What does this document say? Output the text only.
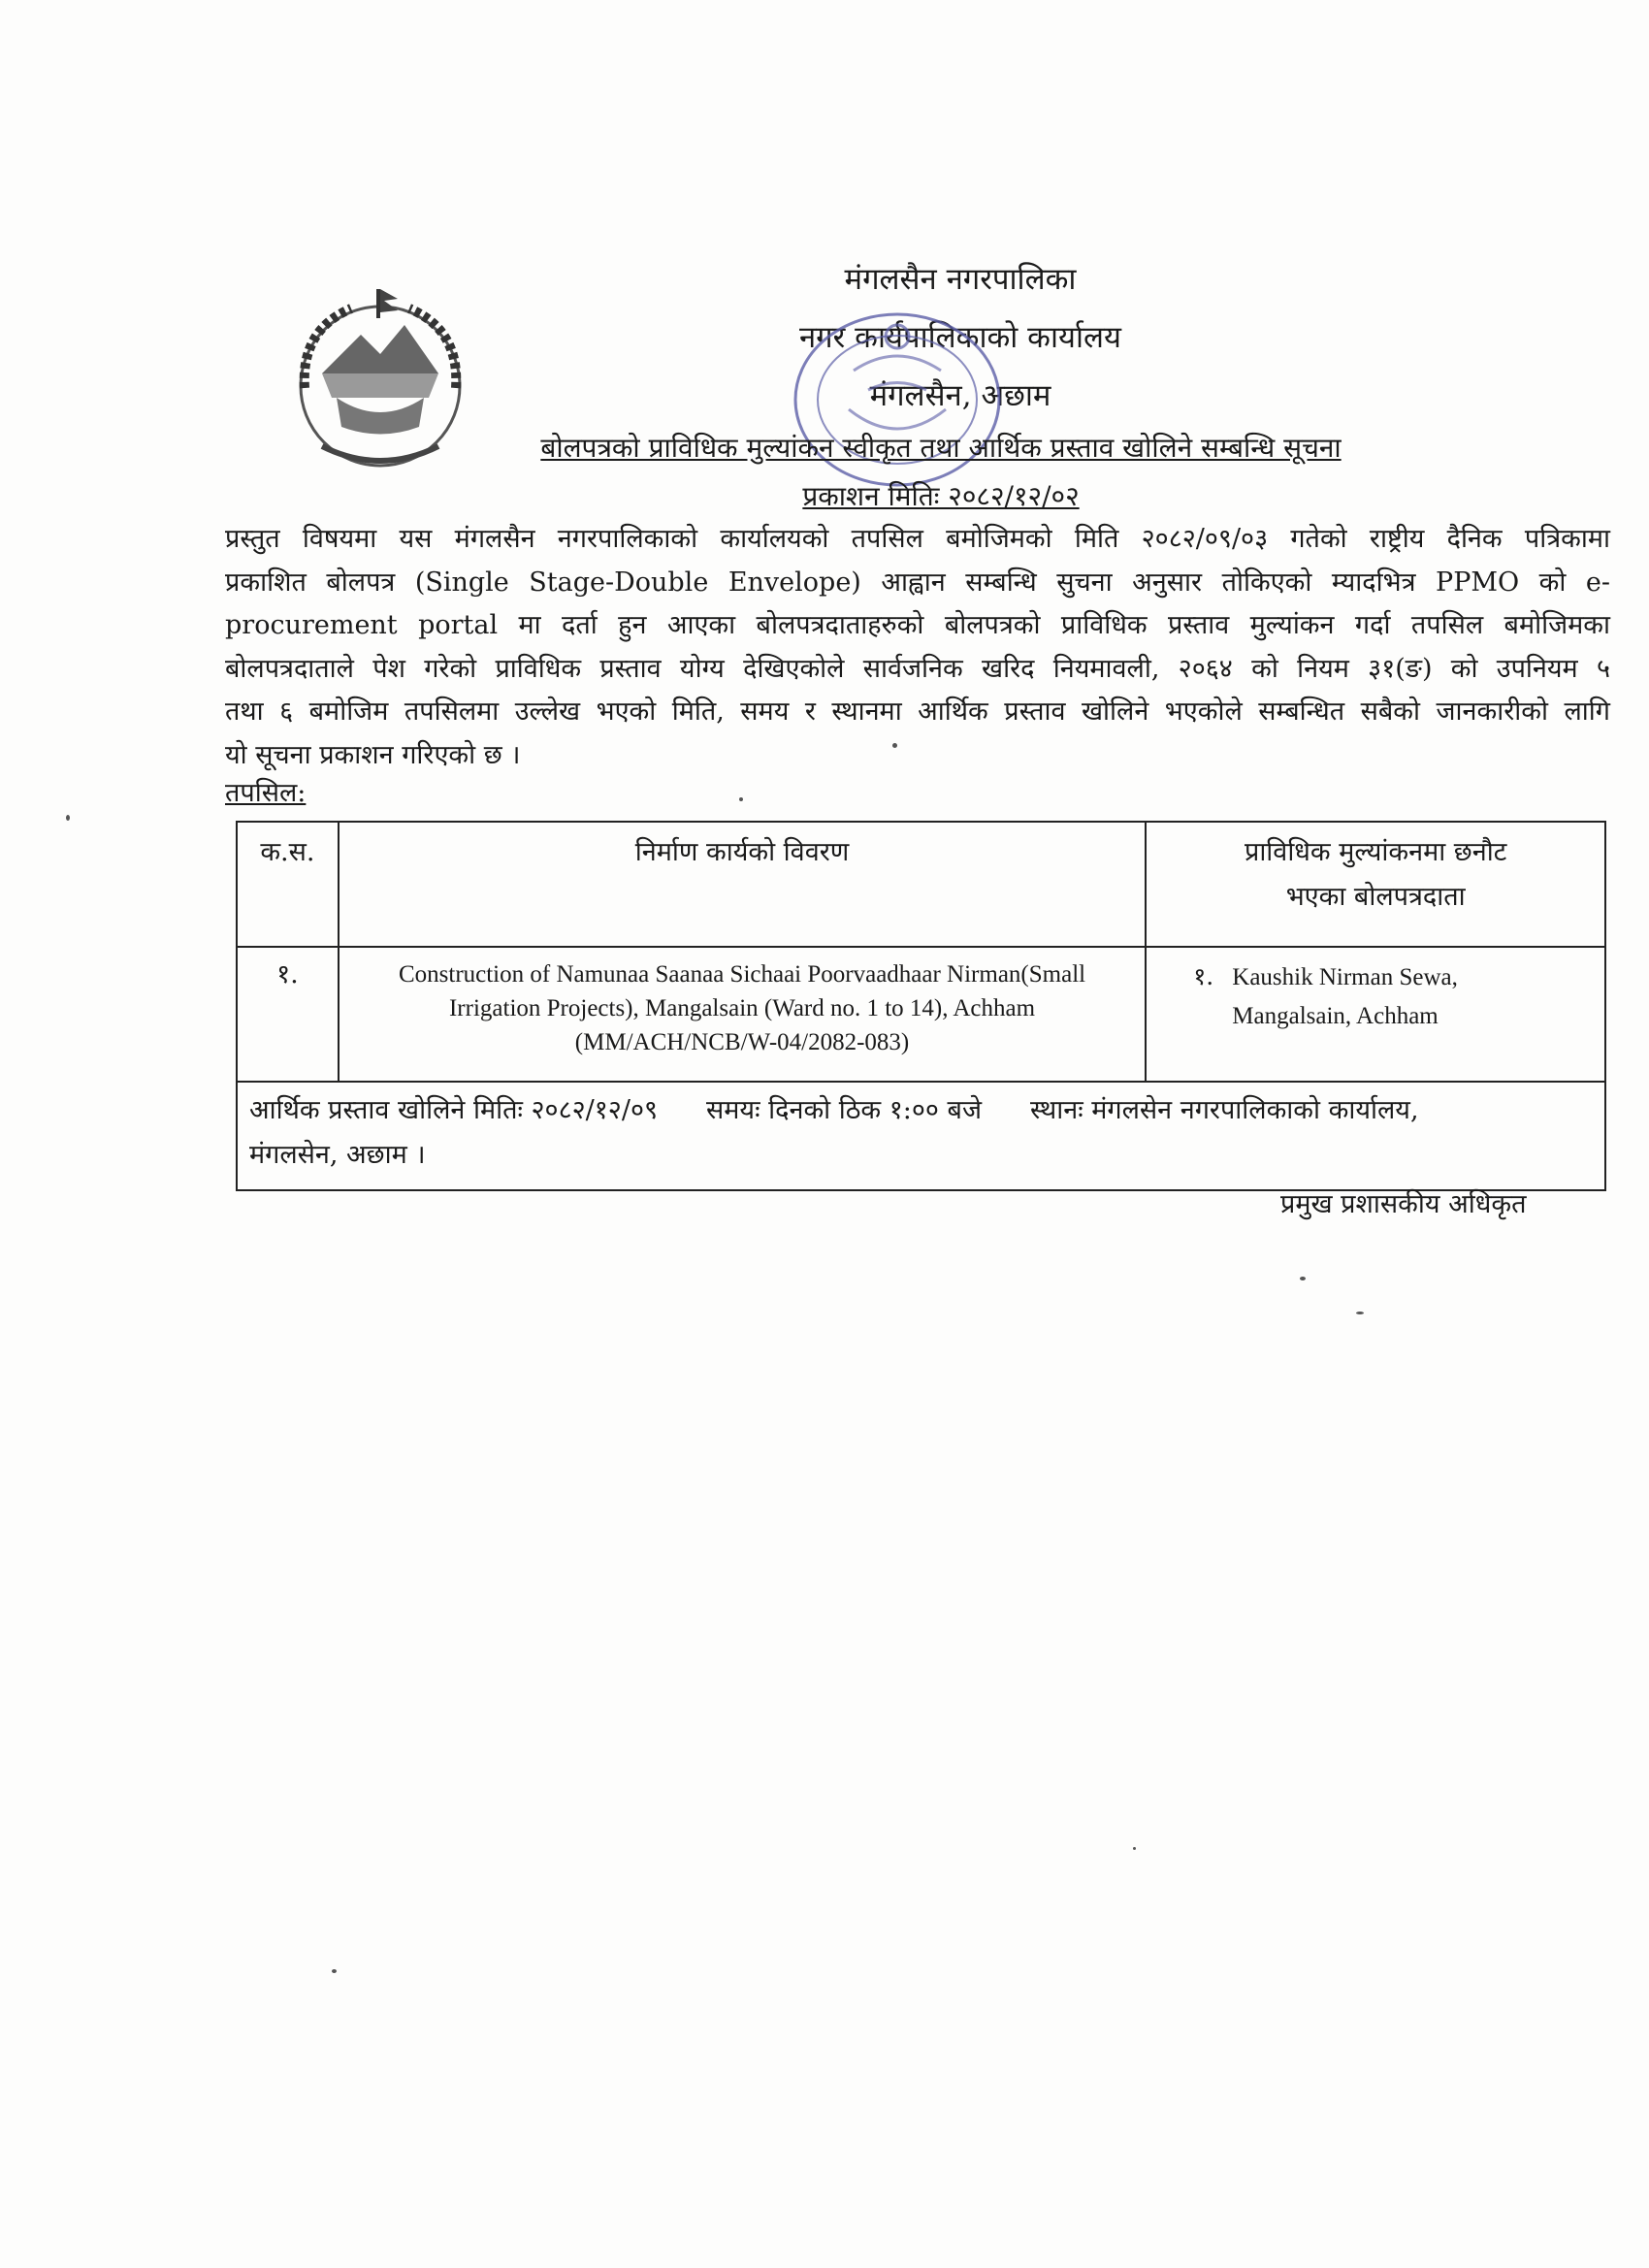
मंगलसैन नगरपालिका
नगर कार्यपालिकाको कार्यालय
मंगलसैन, अछाम
बोलपत्रको प्राविधिक मुल्यांकन स्वीकृत तथा आर्थिक प्रस्ताव खोलिने सम्बन्धि सूचना
प्रकाशन मितिः २०८२/१२/०२
प्रस्तुत विषयमा यस मंगलसैन नगरपालिकाको कार्यालयको तपसिल बमोजिमको मिति २०८२/०९/०३ गतेको राष्ट्रीय दैनिक पत्रिकामा
प्रकाशित बोलपत्र (Single Stage-Double Envelope) आह्वान सम्बन्धि सुचना अनुसार तोकिएको म्यादभित्र PPMO को e-
procurement portal मा दर्ता हुन आएका बोलपत्रदाताहरुको बोलपत्रको प्राविधिक प्रस्ताव मुल्यांकन गर्दा तपसिल बमोजिमका
बोलपत्रदाताले पेश गरेको प्राविधिक प्रस्ताव योग्य देखिएकोले सार्वजनिक खरिद नियमावली, २०६४ को नियम ३१(ङ) को उपनियम ५
तथा ६ बमोजिम तपसिलमा उल्लेख भएको मिति, समय र स्थानमा आर्थिक प्रस्ताव खोलिने भएकोले सम्बन्धित सबैको जानकारीको लागि
यो सूचना प्रकाशन गरिएको छ ।
तपसिल:
क.स.	निर्माण कार्यको विवरण	प्राविधिक मुल्यांकनमा छनौट भएका बोलपत्रदाता
१.	Construction of Namunaa Saanaa Sichaai Poorvaadhaar Nirman(Small
Irrigation Projects), Mangalsain (Ward no. 1 to 14), Achham
(MM/ACH/NCB/W-04/2082-083)	१. Kaushik Nirman Sewa,
Mangalsain, Achham

आर्थिक प्रस्ताव खोलिने मितिः २०८२/१२/०९ समयः दिनको ठिक १:०० बजे स्थानः मंगलसेन नगरपालिकाको कार्यालय,
मंगलसेन, अछाम ।		
प्रमुख प्रशासकीय अधिकृत
